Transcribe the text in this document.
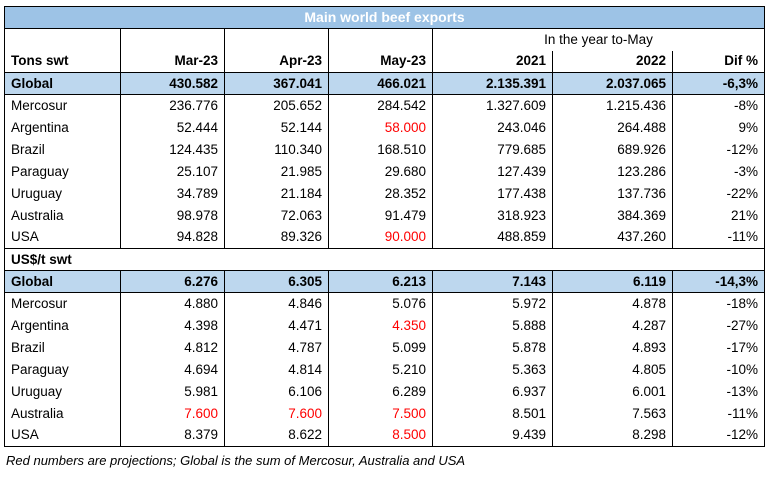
Main world beef exports						
				In the year to-May		
Tons swt	Mar-23	Apr-23	May-23	2021	2022	Dif %
Global	430.582	367.041	466.021	2.135.391	2.037.065	-6,3%
Mercosur	236.776	205.652	284.542	1.327.609	1.215.436	-8%
Argentina	52.444	52.144	58.000	243.046	264.488	9%
Brazil	124.435	110.340	168.510	779.685	689.926	-12%
Paraguay	25.107	21.985	29.680	127.439	123.286	-3%
Uruguay	34.789	21.184	28.352	177.438	137.736	-22%
Australia	98.978	72.063	91.479	318.923	384.369	21%
USA	94.828	89.326	90.000	488.859	437.260	-11%
US$/t swt						
Global	6.276	6.305	6.213	7.143	6.119	-14,3%
Mercosur	4.880	4.846	5.076	5.972	4.878	-18%
Argentina	4.398	4.471	4.350	5.888	4.287	-27%
Brazil	4.812	4.787	5.099	5.878	4.893	-17%
Paraguay	4.694	4.814	5.210	5.363	4.805	-10%
Uruguay	5.981	6.106	6.289	6.937	6.001	-13%
Australia	7.600	7.600	7.500	8.501	7.563	-11%
USA	8.379	8.622	8.500	9.439	8.298	-12%
Red numbers are projections; Global is the sum of Mercosur, Australia and USA
